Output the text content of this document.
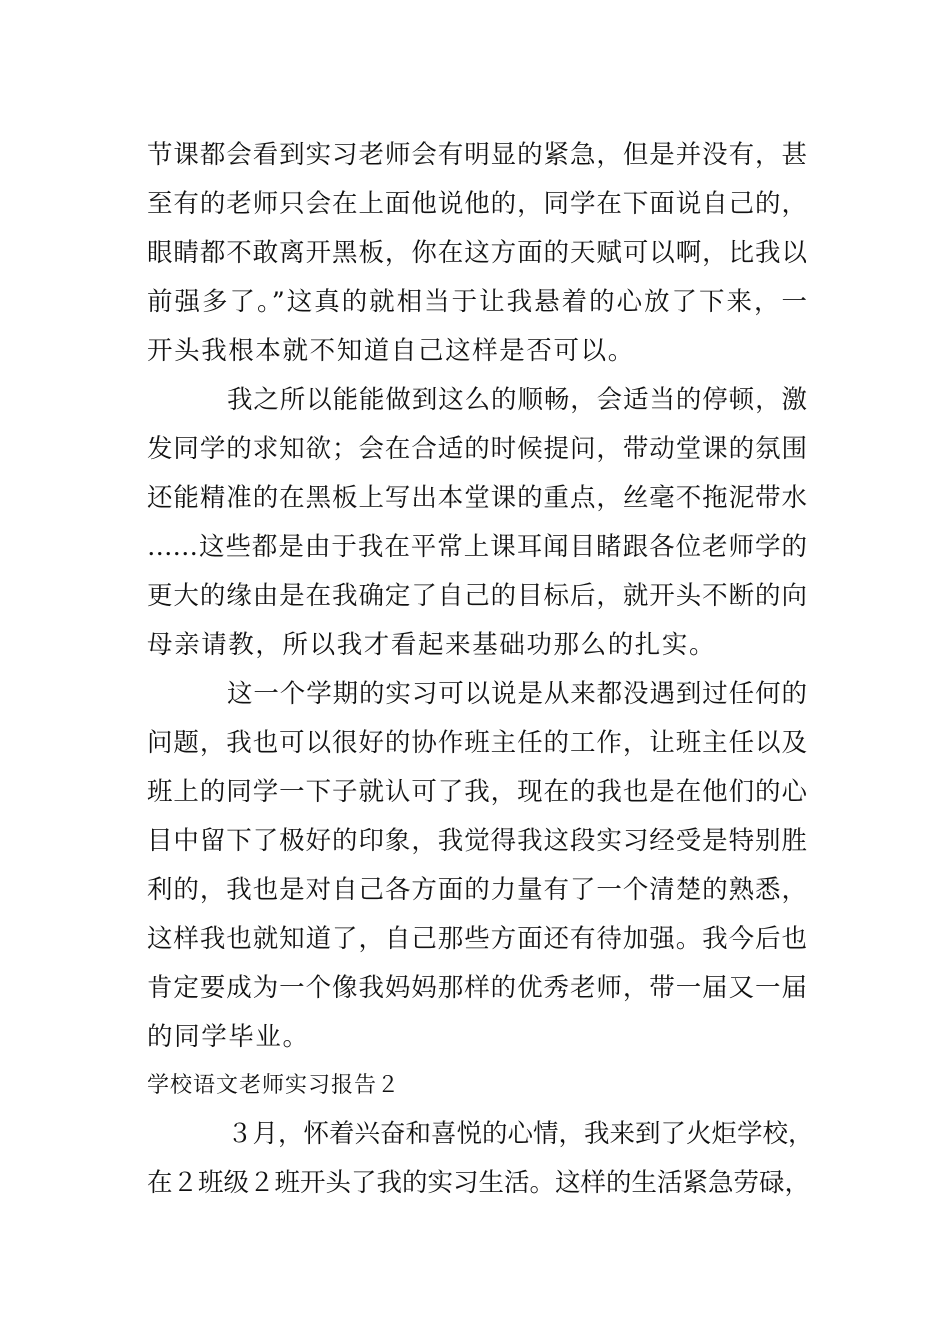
节课都会看到实习老师会有明显的紧急，但是并没有，甚
至有的老师只会在上面他说他的，同学在下面说自己的，
眼睛都不敢离开黑板，你在这方面的天赋可以啊，比我以
前强多了。”这真的就相当于让我悬着的心放了下来，一
开头我根本就不知道自己这样是否可以。
我之所以能能做到这么的顺畅，会适当的停顿，激
发同学的求知欲；会在合适的时候提问，带动堂课的氛围
还能精准的在黑板上写出本堂课的重点，丝毫不拖泥带水
……这些都是由于我在平常上课耳闻目睹跟各位老师学的
更大的缘由是在我确定了自己的目标后，就开头不断的向
母亲请教，所以我才看起来基础功那么的扎实。
这一个学期的实习可以说是从来都没遇到过任何的
问题，我也可以很好的协作班主任的工作，让班主任以及
班上的同学一下子就认可了我，现在的我也是在他们的心
目中留下了极好的印象，我觉得我这段实习经受是特别胜
利的，我也是对自己各方面的力量有了一个清楚的熟悉，
这样我也就知道了，自己那些方面还有待加强。我今后也
肯定要成为一个像我妈妈那样的优秀老师，带一届又一届
的同学毕业。
学校语文老师实习报告２
３月，怀着兴奋和喜悦的心情，我来到了火炬学校，
在２班级２班开头了我的实习生活。这样的生活紧急劳碌，
